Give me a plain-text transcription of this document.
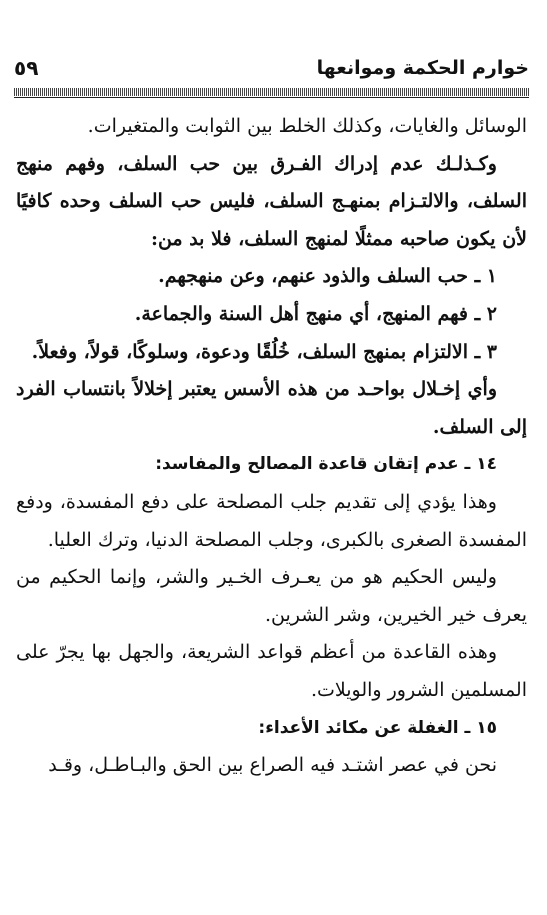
خوارم الحكمة وموانعها
٥٩

الوسائل والغايات، وكذلك الخلط بين الثوابت والمتغيرات.

وكـذلـك عدم إدراك الفـرق بين حب السلف، وفهم منهج السلف، والالتـزام بمنهـج السلف، فليس حب السلف وحده كافيًا لأن يكون صاحبه ممثلًا لمنهج السلف، فلا بد من:

١ ـ حب السلف والذود عنهم، وعن منهجهم.

٢ ـ فهم المنهج، أي منهج أهل السنة والجماعة.

٣ ـ الالتزام بمنهج السلف، خُلُقًا ودعوة، وسلوكًا، قولاً، وفعلاً.

وأي إخـلال بواحـد من هذه الأسس يعتبر إخلالاً بانتساب الفرد إلى السلف.

١٤ ـ عدم إتقان قاعدة المصالح والمفاسد:

وهذا يؤدي إلى تقديم جلب المصلحة على دفع المفسدة، ودفع المفسدة الصغرى بالكبرى، وجلب المصلحة الدنيا، وترك العليا.

وليس الحكيم هو من يعـرف الخـير والشر، وإنما الحكيم من يعرف خير الخيرين، وشر الشرين.

وهذه القاعدة من أعظم قواعد الشريعة، والجهل بها يجرّ على المسلمين الشرور والويلات.

١٥ ـ الغفلة عن مكائد الأعداء:

نحن في عصر اشتـد فيه الصراع بين الحق والبـاطـل، وقـد
